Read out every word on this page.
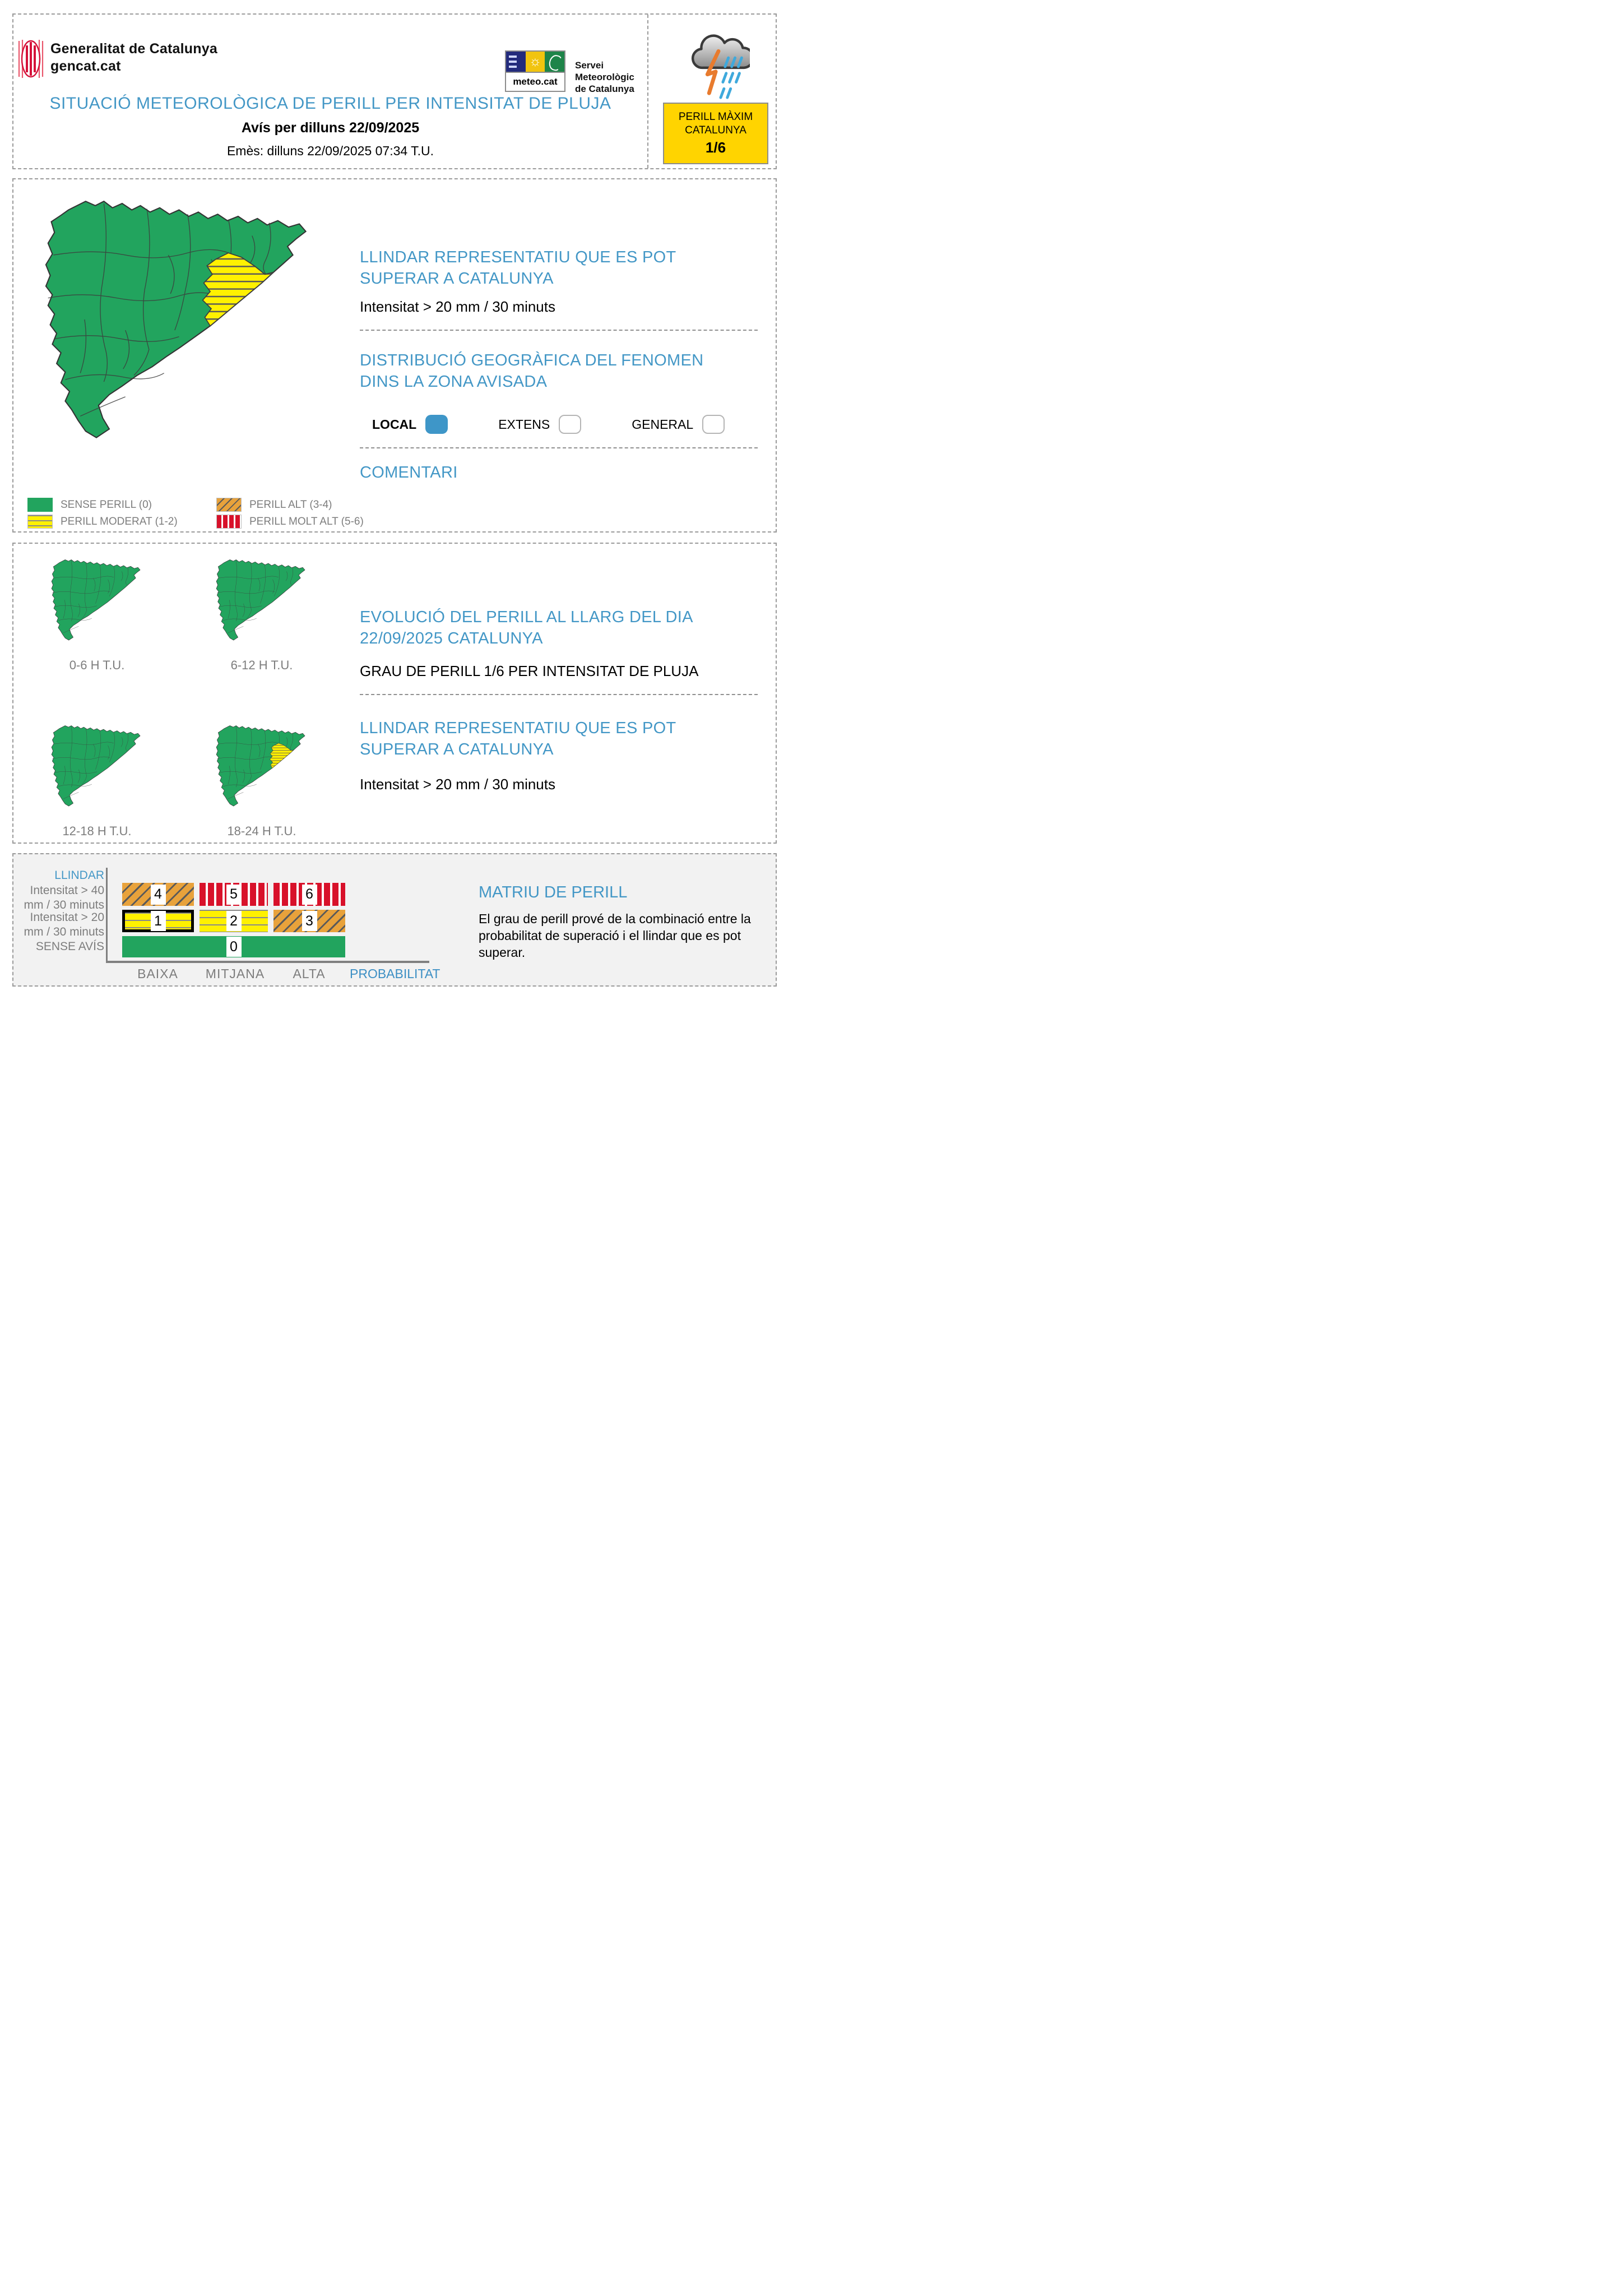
Generalitat de Catalunya
gencat.cat	☼
meteo.cat
Servei
Meteorològic
de Catalunya
SITUACIÓ METEOROLÒGICA DE PERILL PER INTENSITAT DE PLUJA
Avís per dilluns 22/09/2025
Emès: dilluns 22/09/2025 07:34 T.U.
PERILL MÀXIM
CATALUNYA
1/6
SENSE PERILL (0)
PERILL MODERAT (1-2)
PERILL ALT (3-4)
PERILL MOLT ALT (5-6)
LLINDAR REPRESENTATIU QUE ES POT SUPERAR A CATALUNYA
Intensitat > 20 mm / 30 minuts
DISTRIBUCIÓ GEOGRÀFICA DEL FENOMEN DINS LA ZONA AVISADA
LOCAL	EXTENS	GENERAL
COMENTARI
0-6 H T.U.	6-12 H T.U.
12-18 H T.U.	18-24 H T.U.
EVOLUCIÓ DEL PERILL AL LLARG DEL DIA 22/09/2025 CATALUNYA
GRAU DE PERILL 1/6 PER INTENSITAT DE PLUJA
LLINDAR REPRESENTATIU QUE ES POT SUPERAR A CATALUNYA
Intensitat > 20 mm / 30 minuts
LLINDAR
Intensitat > 40 mm / 30 minuts
Intensitat > 20 mm / 30 minuts
SENSE AVÍS
4	5	6
1	2	3
0
BAIXA	MITJANA	ALTA	PROBABILITAT
MATRIU DE PERILL
El grau de perill prové de la combinació entre la probabilitat de superació i el llindar que es pot superar.
